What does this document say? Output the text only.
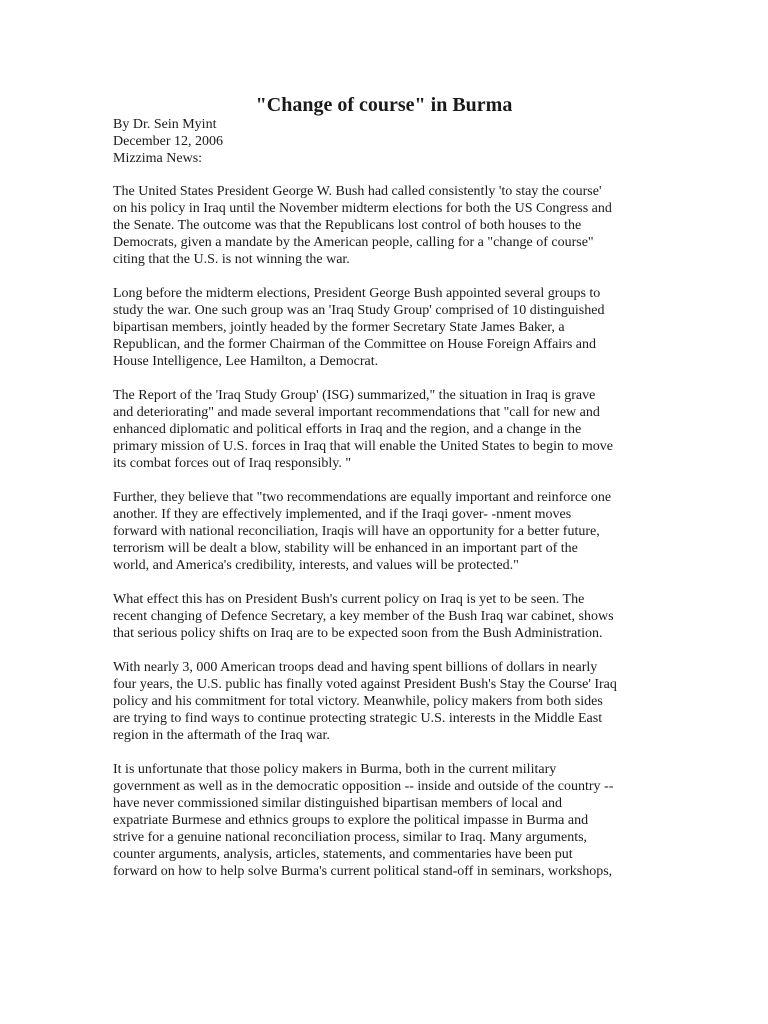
"Change of course" in Burma
By Dr. Sein Myint
December 12, 2006
Mizzima News:

The United States President George W. Bush had called consistently 'to stay the course'
on his policy in Iraq until the November midterm elections for both the US Congress and
the Senate. The outcome was that the Republicans lost control of both houses to the
Democrats, given a mandate by the American people, calling for a "change of course"
citing that the U.S. is not winning the war.

Long before the midterm elections, President George Bush appointed several groups to
study the war. One such group was an 'Iraq Study Group' comprised of 10 distinguished
bipartisan members, jointly headed by the former Secretary State James Baker, a
Republican, and the former Chairman of the Committee on House Foreign Affairs and
House Intelligence, Lee Hamilton, a Democrat.

The Report of the 'Iraq Study Group' (ISG) summarized," the situation in Iraq is grave
and deteriorating" and made several important recommendations that "call for new and
enhanced diplomatic and political efforts in Iraq and the region, and a change in the
primary mission of U.S. forces in Iraq that will enable the United States to begin to move
its combat forces out of Iraq responsibly. "

Further, they believe that "two recommendations are equally important and reinforce one
another. If they are effectively implemented, and if the Iraqi gover- -nment moves
forward with national reconciliation, Iraqis will have an opportunity for a better future,
terrorism will be dealt a blow, stability will be enhanced in an important part of the
world, and America's credibility, interests, and values will be protected."

What effect this has on President Bush's current policy on Iraq is yet to be seen. The
recent changing of Defence Secretary, a key member of the Bush Iraq war cabinet, shows
that serious policy shifts on Iraq are to be expected soon from the Bush Administration.

With nearly 3, 000 American troops dead and having spent billions of dollars in nearly
four years, the U.S. public has finally voted against President Bush's Stay the Course' Iraq
policy and his commitment for total victory. Meanwhile, policy makers from both sides
are trying to find ways to continue protecting strategic U.S. interests in the Middle East
region in the aftermath of the Iraq war.

It is unfortunate that those policy makers in Burma, both in the current military
government as well as in the democratic opposition -- inside and outside of the country --
have never commissioned similar distinguished bipartisan members of local and
expatriate Burmese and ethnics groups to explore the political impasse in Burma and
strive for a genuine national reconciliation process, similar to Iraq. Many arguments,
counter arguments, analysis, articles, statements, and commentaries have been put
forward on how to help solve Burma's current political stand-off in seminars, workshops,
